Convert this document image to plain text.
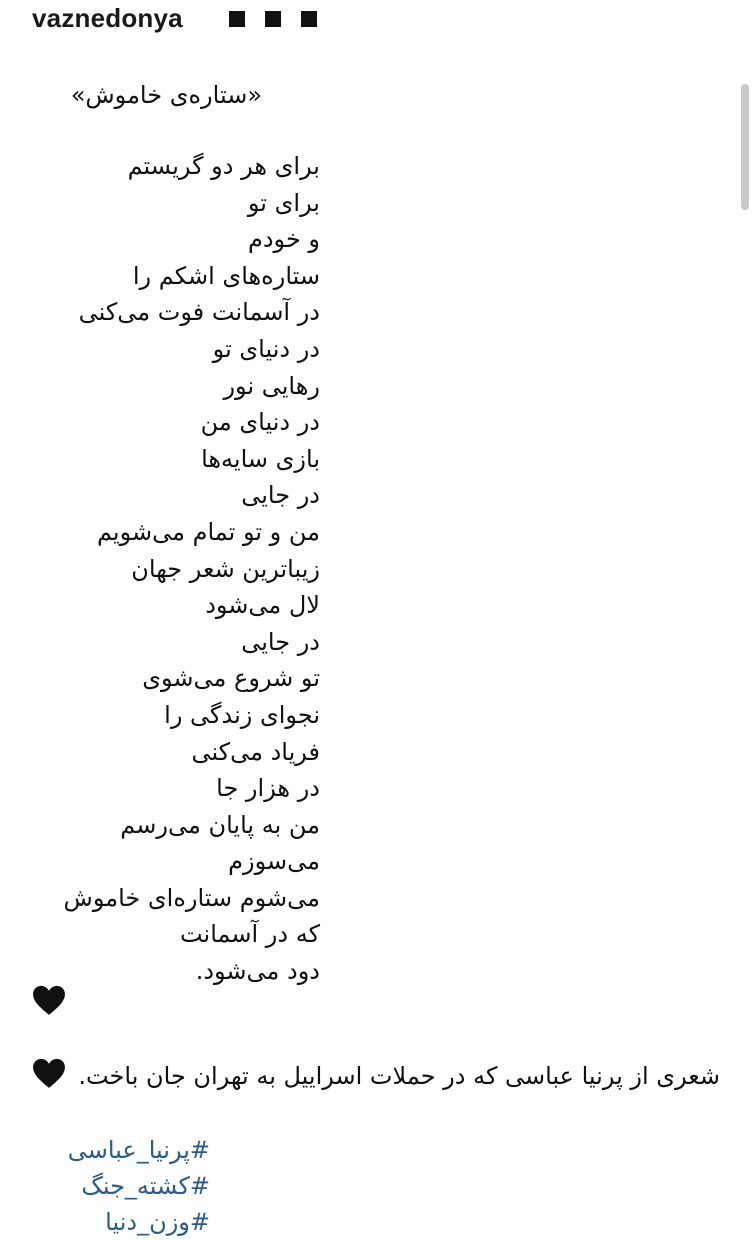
vaznedonya
«ستاره‌ی خاموش»
برای هر دو گریستم
برای تو
و خودم
ستاره‌های اشکم را
در آسمانت فوت می‌کنی
در دنیای تو
رهایی نور
در دنیای من
بازی سایه‌ها
در جایی
من و تو تمام می‌شویم
زیباترین شعر جهان
لال می‌شود
در جایی
تو شروع می‌شوی
نجوای زندگی را
فریاد می‌کنی
در هزار جا
من به پایان می‌رسم
می‌سوزم
می‌شوم ستاره‌ای خاموش
که در آسمانت
دود می‌شود.
شعری از پرنیا عباسی که در حملات اسراییل به تهران جان باخت.
#پرنیا_عباسی
#کشته_جنگ
#وزن_دنیا
